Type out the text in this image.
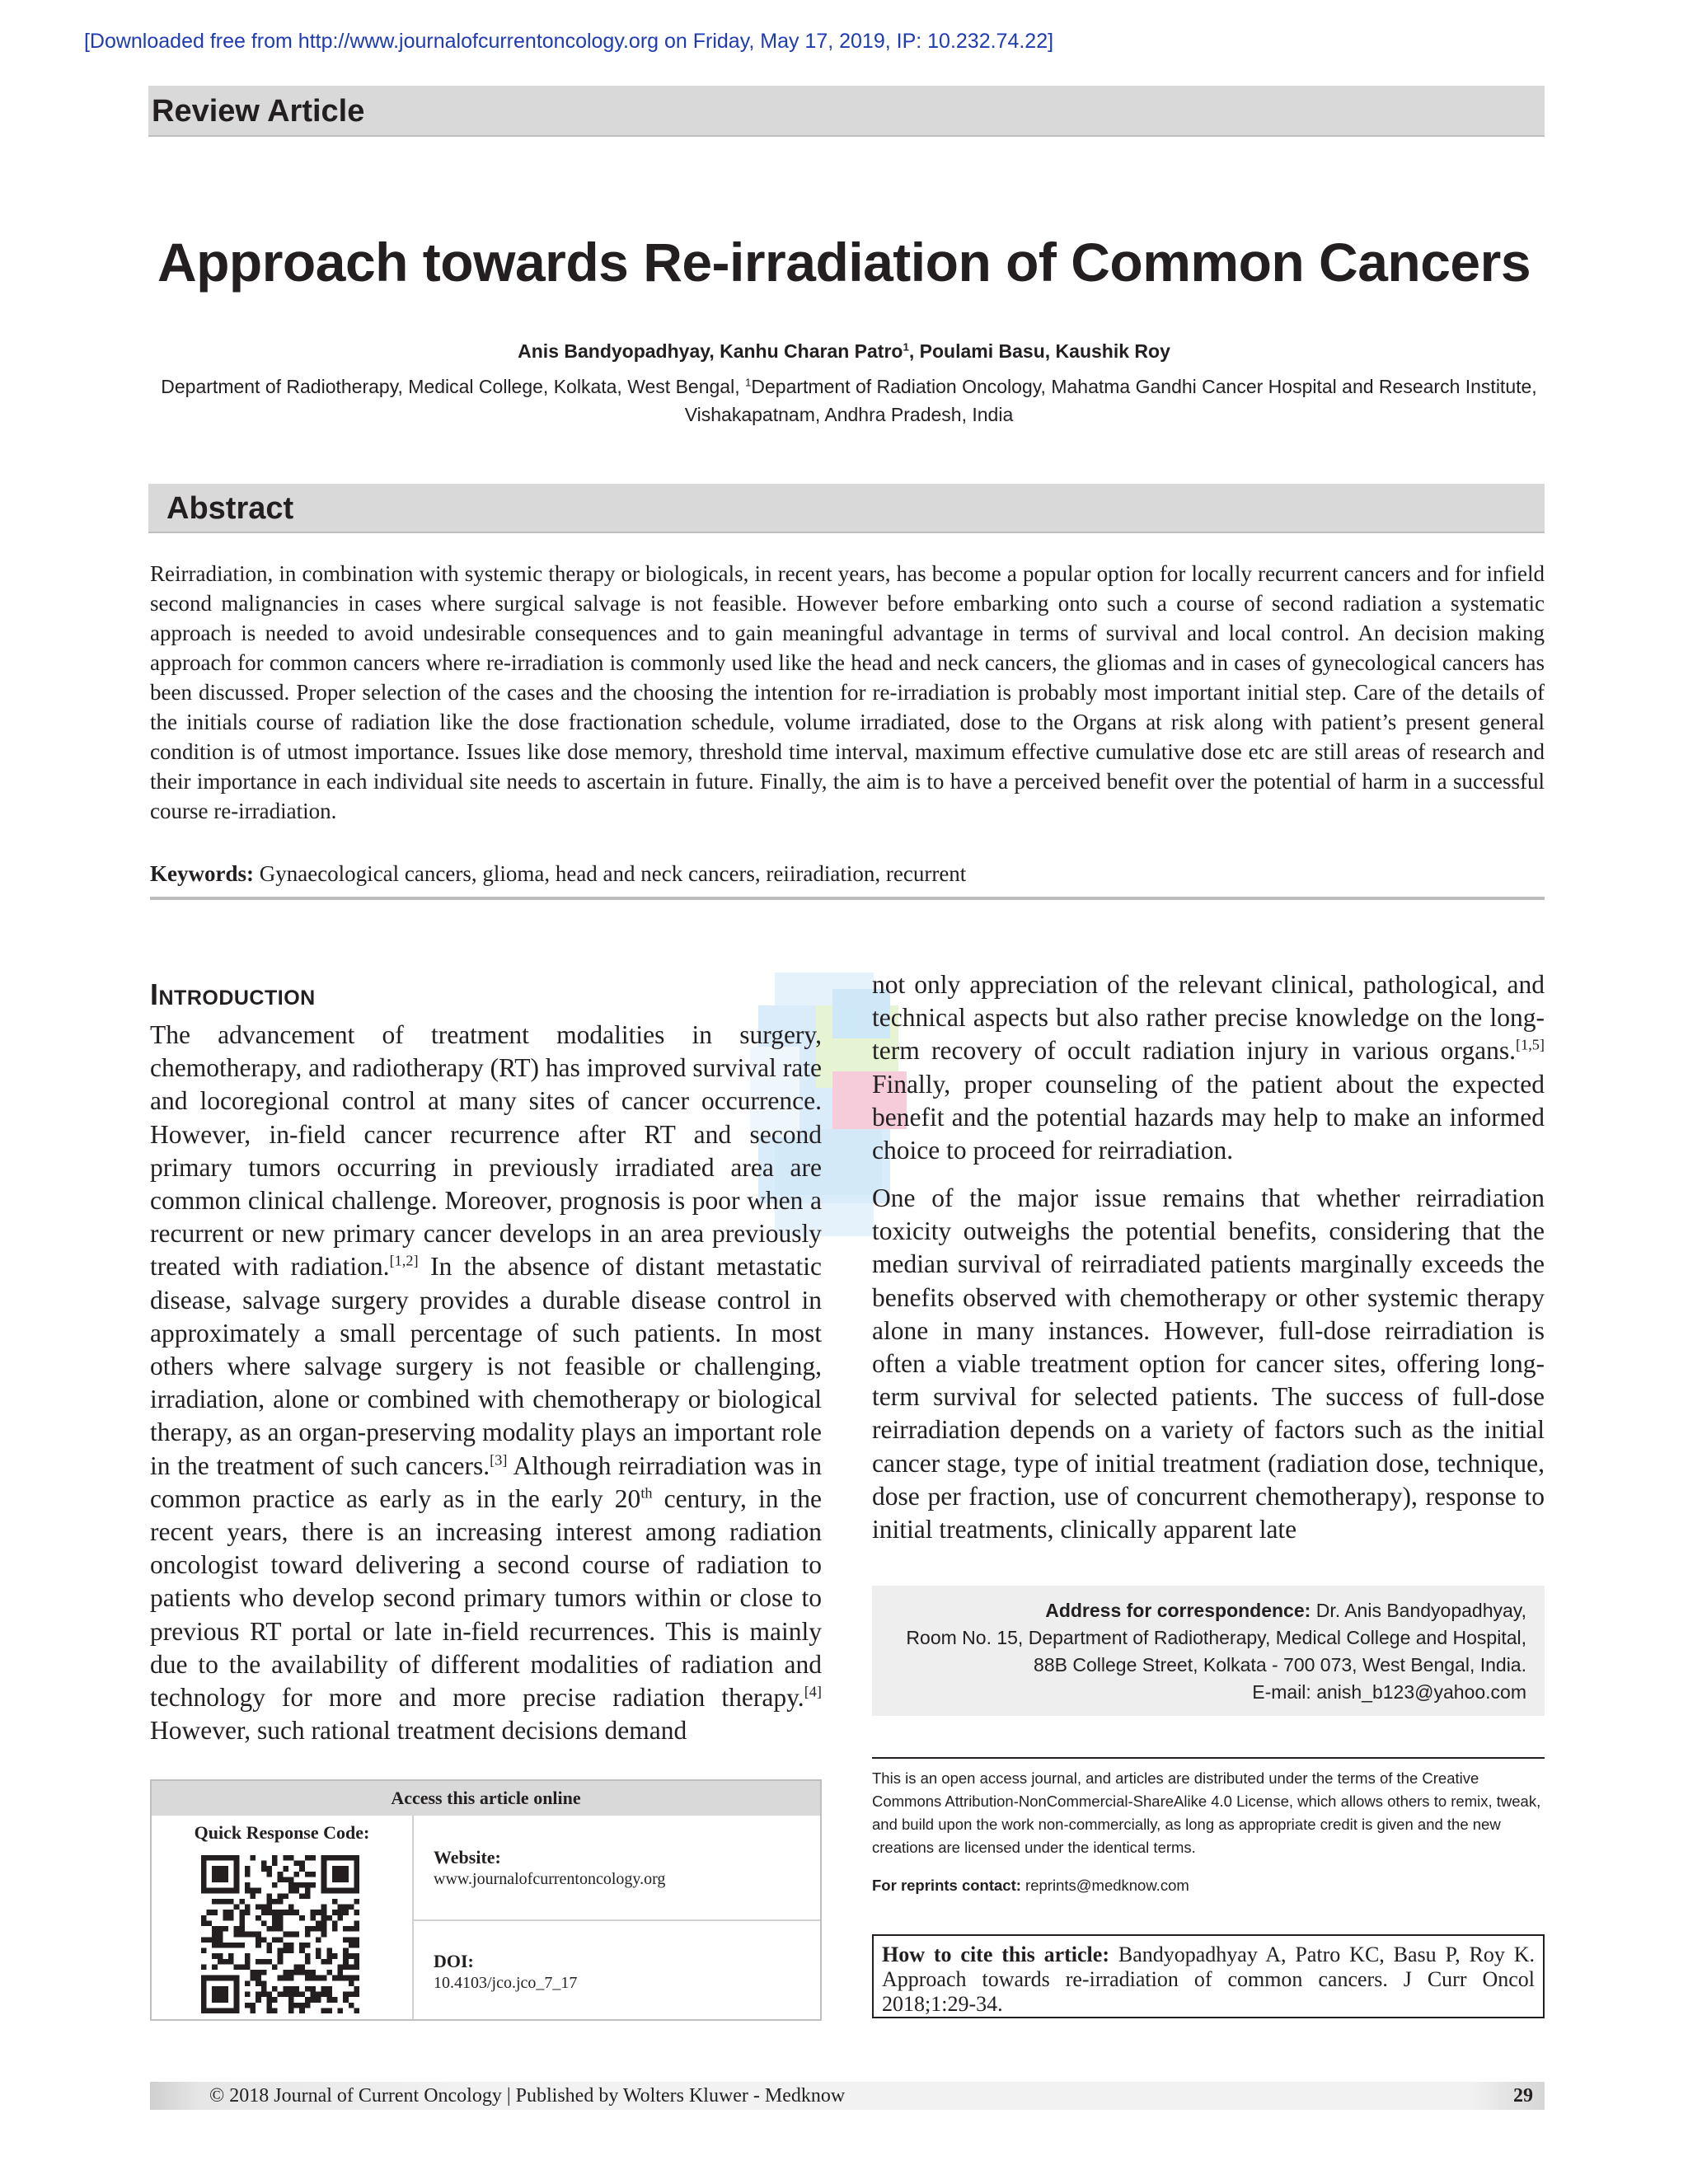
[Downloaded free from http://www.journalofcurrentoncology.org on Friday, May 17, 2019, IP: 10.232.74.22]
Review Article
Approach towards Re-irradiation of Common Cancers
Anis Bandyopadhyay, Kanhu Charan Patro$^1$, Poulami Basu, Kaushik Roy
Department of Radiotherapy, Medical College, Kolkata, West Bengal, $^1$Department of Radiation Oncology, Mahatma Gandhi Cancer Hospital and Research Institute, Vishakapatnam, Andhra Pradesh, India
Abstract
Reirradiation, in combination with systemic therapy or biologicals, in recent years, has become a popular option for locally recurrent cancers and for infield second malignancies in cases where surgical salvage is not feasible. However before embarking onto such a course of second radiation a systematic approach is needed to avoid undesirable consequences and to gain meaningful advantage in terms of survival and local control. An decision making approach for common cancers where re-irradiation is commonly used like the head and neck cancers, the gliomas and in cases of gynecological cancers has been discussed. Proper selection of the cases and the choosing the intention for re-irradiation is probably most important initial step. Care of the details of the initials course of radiation like the dose fractionation schedule, volume irradiated, dose to the Organs at risk along with patient’s present general condition is of utmost importance. Issues like dose memory, threshold time interval, maximum effective cumulative dose etc are still areas of research and their importance in each individual site needs to ascertain in future. Finally, the aim is to have a perceived benefit over the potential of harm in a successful course re-irradiation.
Keywords: Gynaecological cancers, glioma, head and neck cancers, reiiradiation, recurrent
Introduction

The advancement of treatment modalities in surgery, chemotherapy, and radiotherapy (RT) has improved survival rate and locoregional control at many sites of cancer occurrence. However, in-field cancer recurrence after RT and second primary tumors occurring in previously irradiated area are common clinical challenge. Moreover, prognosis is poor when a recurrent or new primary cancer develops in an area previously treated with radiation.[1,2] In the absence of distant metastatic disease, salvage surgery provides a durable disease control in approximately a small percentage of such patients. In most others where salvage surgery is not feasible or challenging, irradiation, alone or combined with chemotherapy or biological therapy, as an organ-preserving modality plays an important role in the treatment of such cancers.[3] Although reirradiation was in common practice as early as in the early 20th century, in the recent years, there is an increasing interest among radiation oncologist toward delivering a second course of radiation to patients who develop second primary tumors within or close to previous RT portal or late in-field recurrences. This is mainly due to the availability of different modalities of radiation and technology for more and more precise radiation therapy.[4] However, such rational treatment decisions demand

not only appreciation of the relevant clinical, pathological, and technical aspects but also rather precise knowledge on the long-term recovery of occult radiation injury in various organs.[1,5] Finally, proper counseling of the patient about the expected benefit and the potential hazards may help to make an informed choice to proceed for reirradiation.

One of the major issue remains that whether reirradiation toxicity outweighs the potential benefits, considering that the median survival of reirradiated patients marginally exceeds the benefits observed with chemotherapy or other systemic therapy alone in many instances. However, full-dose reirradiation is often a viable treatment option for cancer sites, offering long-term survival for selected patients. The success of full-dose reirradiation depends on a variety of factors such as the initial cancer stage, type of initial treatment (radiation dose, technique, dose per fraction, use of concurrent chemotherapy), response to initial treatments, clinically apparent late

Address for correspondence: Dr. Anis Bandyopadhyay,
Room No. 15, Department of Radiotherapy, Medical College and Hospital,
88B College Street, Kolkata - 700 073, West Bengal, India.
E-mail: anish_b123@yahoo.com
This is an open access journal, and articles are distributed under the terms of the Creative Commons Attribution-NonCommercial-ShareAlike 4.0 License, which allows others to remix, tweak, and build upon the work non-commercially, as long as appropriate credit is given and the new creations are licensed under the identical terms.
For reprints contact: reprints@medknow.com
How to cite this article: Bandyopadhyay A, Patro KC, Basu P, Roy K. Approach towards re-irradiation of common cancers. J Curr Oncol 2018;1:29-34.
Access this article online
Quick Response Code:
Website:
www.journalofcurrentoncology.org
DOI:
10.4103/jco.jco_7_17
© 2018 Journal of Current Oncology | Published by Wolters Kluwer - Medknow	29
